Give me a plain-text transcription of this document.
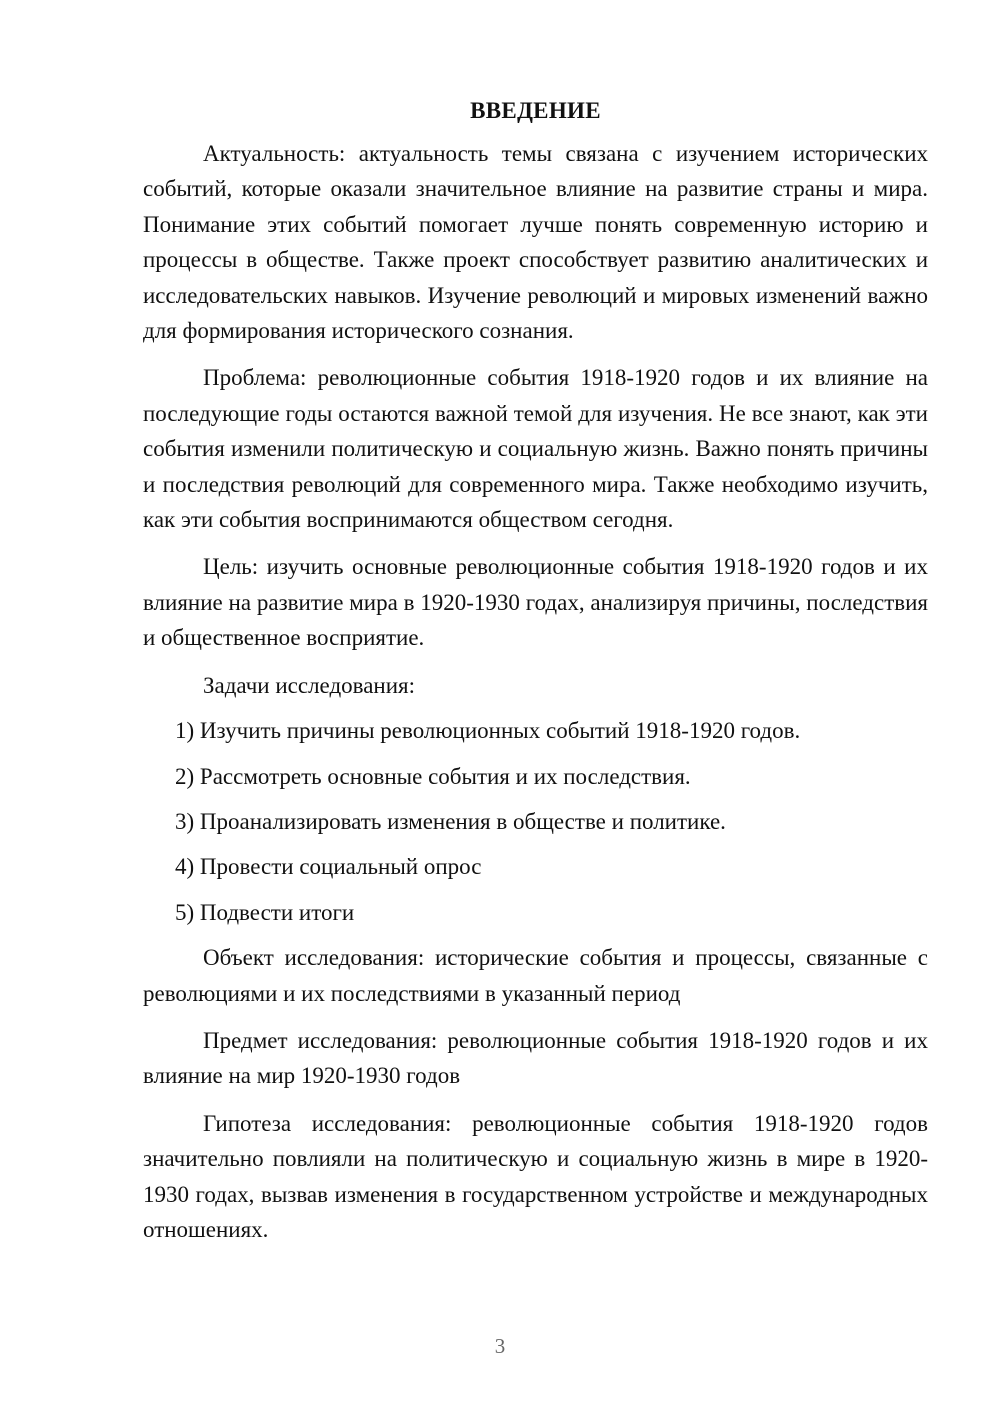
ВВЕДЕНИЕ

Актуальность: актуальность темы связана с изучением исторических событий, которые оказали значительное влияние на развитие страны и мира. Понимание этих событий помогает лучше понять современную историю и процессы в обществе. Также проект способствует развитию аналитических и исследовательских навыков. Изучение революций и мировых изменений важно для формирования исторического сознания.

Проблема: революционные события 1918-1920 годов и их влияние на последующие годы остаются важной темой для изучения. Не все знают, как эти события изменили политическую и социальную жизнь. Важно понять причины и последствия революций для современного мира. Также необходимо изучить, как эти события воспринимаются обществом сегодня.

Цель: изучить основные революционные события 1918-1920 годов и их влияние на развитие мира в 1920-1930 годах, анализируя причины, последствия и общественное восприятие.

Задачи исследования:
1) Изучить причины революционных событий 1918-1920 годов.
2) Рассмотреть основные события и их последствия.
3) Проанализировать изменения в обществе и политике.
4) Провести социальный опрос
5) Подвести итоги

Объект исследования: исторические события и процессы, связанные с революциями и их последствиями в указанный период

Предмет исследования: революционные события 1918-1920 годов и их влияние на мир 1920-1930 годов

Гипотеза исследования: революционные события 1918-1920 годов значительно повлияли на политическую и социальную жизнь в мире в 1920-1930 годах, вызвав изменения в государственном устройстве и международных отношениях.

3
